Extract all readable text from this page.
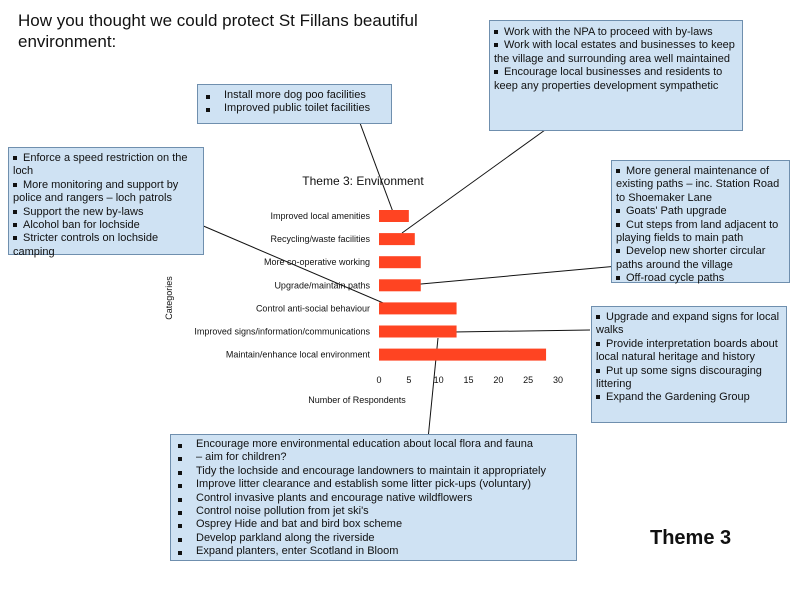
How you thought we could protect St Fillans beautiful environment:
Theme 3: Environment
Categories
Number of Respondents
Improved local amenities
Recycling/waste facilities
More co-operative working
Upgrade/maintain paths
Control anti-social behaviour
Improved signs/information/communications
Maintain/enhance local environment
0	5 10 15 20 25 30
Install more dog poo facilities
Improved public toilet facilities
Work with the NPA to proceed with by-laws
Work with local estates and businesses to keep the village and surrounding area well maintained
Encourage local businesses and residents to keep any properties development sympathetic
Enforce a speed restriction on the loch
More monitoring and support by police and rangers – loch patrols
Support the new by-laws
Alcohol ban for lochside
Stricter controls on lochside camping
More general maintenance of existing paths – inc. Station Road to Shoemaker Lane
Goats' Path upgrade
Cut steps from land adjacent to playing fields to main path
Develop new shorter circular paths around the village
Off-road cycle paths
Upgrade and expand signs for local walks
Provide interpretation boards about local natural heritage and history
Put up some signs discouraging littering
Expand the Gardening Group
Encourage more environmental education about local flora and fauna
– aim for children?
Tidy the lochside and encourage landowners to maintain it appropriately
Improve litter clearance and establish some litter pick-ups (voluntary)
Control invasive plants and encourage native wildflowers
Control noise pollution from jet ski's
Osprey Hide and bat and bird box scheme
Develop parkland along the riverside
Expand planters, enter Scotland in Bloom

Theme 3
